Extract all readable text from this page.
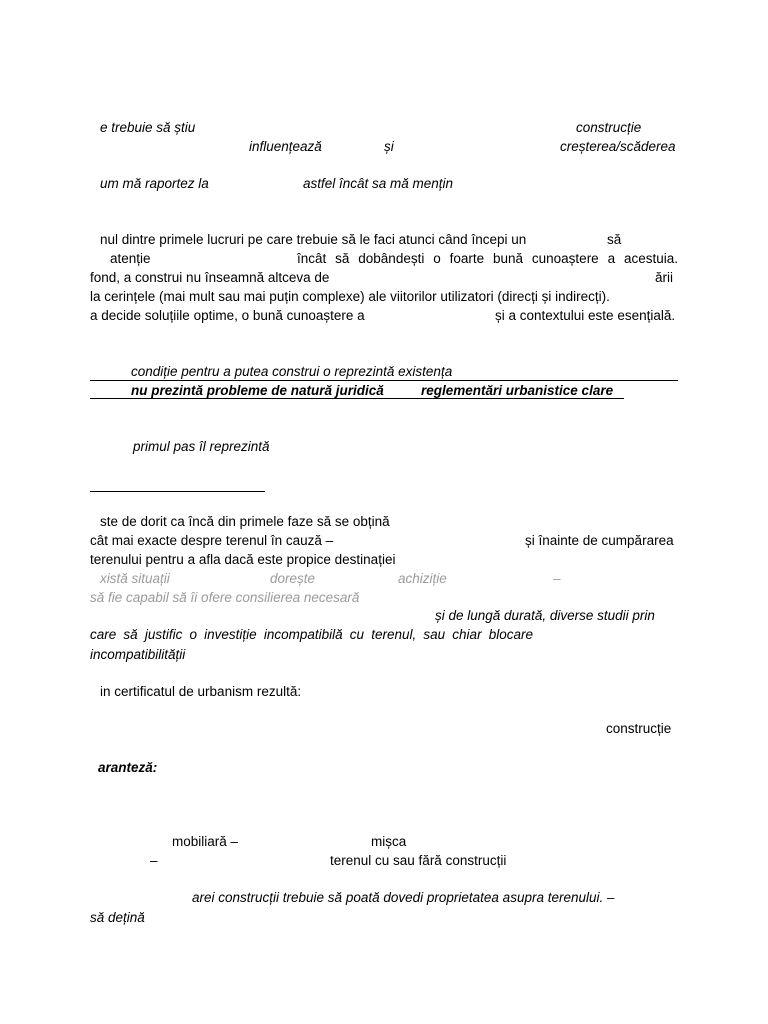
e trebuie să știu	construcție
influențează	și	creșterea/scăderea
um mă raportez la	astfel încât sa mă mențin
nul dintre primele lucruri pe care trebuie să le faci atunci când începi un	să
atenție	încât să dobândești o foarte bună cunoaștere a acestuia.
fond, a construi nu înseamnă altceva de	ării
la cerințele (mai mult sau mai puțin complexe) ale viitorilor utilizatori (direcți și indirecți).
a decide soluțiile optime, o bună cunoaștere a	și a contextului este esențială.
condiție pentru a putea construi o reprezintă existența
nu prezintă probleme de natură juridică	reglementări urbanistice clare
primul pas îl reprezintă
ste de dorit ca încă din primele faze să se obțină
cât mai exacte despre terenul în cauză –	și înainte de cumpărarea
terenului pentru a afla dacă este propice destinației
xistă situații	dorește	achiziție	–
să fie capabil să îi ofere consilierea necesară
și de lungă durată, diverse studii prin
care să justific o investiție incompatibilă cu terenul, sau chiar blocare
incompatibilității
in certificatul de urbanism rezultă:
construcție
aranteză:
mobiliară –	mișca
–	terenul cu sau fără construcții
arei construcții trebuie să poată dovedi proprietatea asupra terenului. –
să dețină
